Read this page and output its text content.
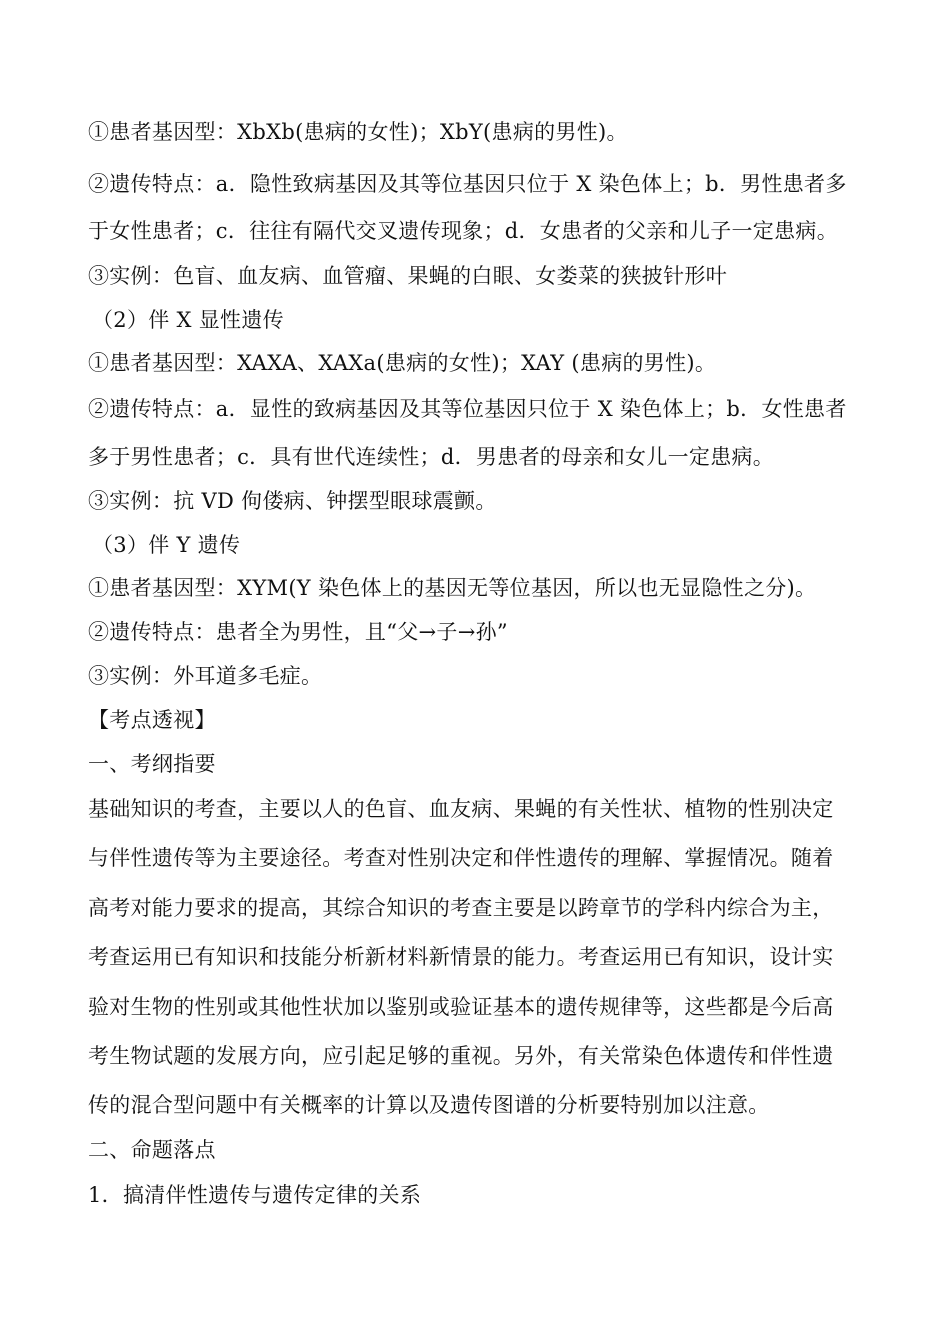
①患者基因型：XbXb(患病的女性)；XbY(患病的男性)。
②遗传特点：a．隐性致病基因及其等位基因只位于 X 染色体上；b．男性患者多
于女性患者；c．往往有隔代交叉遗传现象；d．女患者的父亲和儿子一定患病。
③实例：色盲、血友病、血管瘤、果蝇的白眼、女娄菜的狭披针形叶
（2）伴 X 显性遗传
①患者基因型：XAXA、XAXa(患病的女性)；XAY (患病的男性)。
②遗传特点：a．显性的致病基因及其等位基因只位于 X 染色体上；b．女性患者
多于男性患者；c．具有世代连续性；d．男患者的母亲和女儿一定患病。
③实例：抗 VD 佝偻病、钟摆型眼球震颤。
（3）伴 Y 遗传
①患者基因型：XYM(Y 染色体上的基因无等位基因，所以也无显隐性之分)。
②遗传特点：患者全为男性，且“父→子→孙”
③实例：外耳道多毛症。
【考点透视】
一、考纲指要
基础知识的考查，主要以人的色盲、血友病、果蝇的有关性状、植物的性别决定
与伴性遗传等为主要途径。考查对性别决定和伴性遗传的理解、掌握情况。随着
高考对能力要求的提高，其综合知识的考查主要是以跨章节的学科内综合为主，
考查运用已有知识和技能分析新材料新情景的能力。考查运用已有知识，设计实
验对生物的性别或其他性状加以鉴别或验证基本的遗传规律等，这些都是今后高
考生物试题的发展方向，应引起足够的重视。另外，有关常染色体遗传和伴性遗
传的混合型问题中有关概率的计算以及遗传图谱的分析要特别加以注意。
二、命题落点
1．搞清伴性遗传与遗传定律的关系
